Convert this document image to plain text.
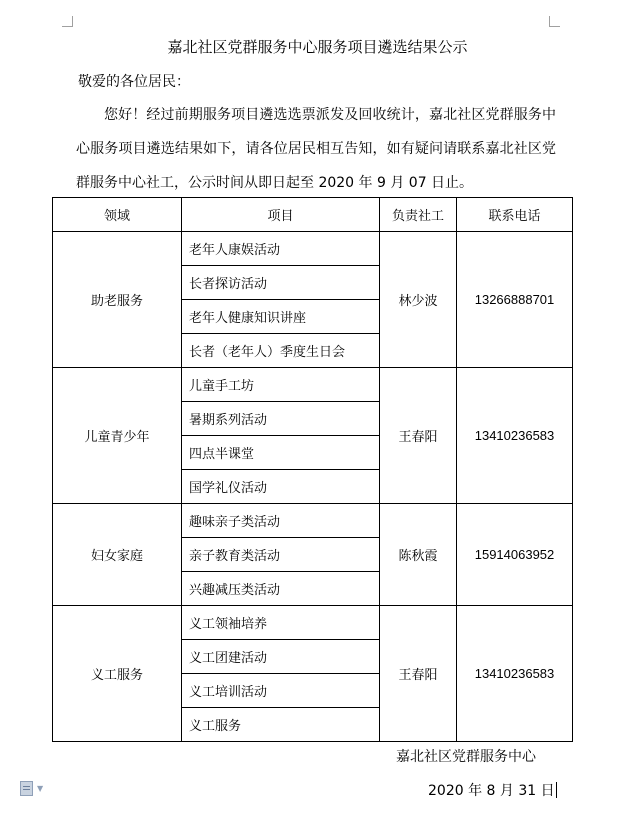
嘉北社区党群服务中心服务项目遴选结果公示
敬爱的各位居民：
您好！经过前期服务项目遴选选票派发及回收统计，嘉北社区党群服务中心服务项目遴选结果如下，请各位居民相互告知，如有疑问请联系嘉北社区党群服务中心社工，公示时间从即日起至 2020 年 9 月 07 日止。
领域	项目	负责社工	联系电话
助老服务	老年人康娱活动	林少波	13266888701
	长者探访活动		
	老年人健康知识讲座		
	长者（老年人）季度生日会		
儿童青少年	儿童手工坊	王春阳	13410236583
	暑期系列活动		
	四点半课堂		
	国学礼仪活动		
妇女家庭	趣味亲子类活动	陈秋霞	15914063952
	亲子教育类活动		
	兴趣减压类活动		
义工服务	义工领袖培养	王春阳	13410236583
	义工团建活动		
	义工培训活动		
	义工服务		
嘉北社区党群服务中心
2020 年 8 月 31 日
▼
